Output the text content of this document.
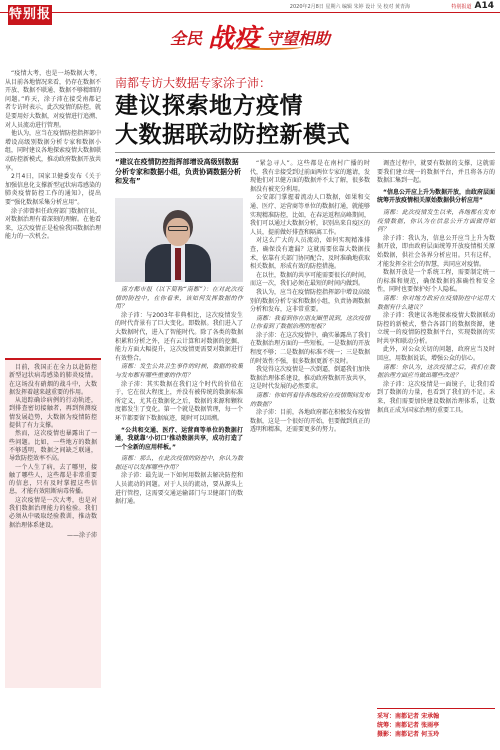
2020年2月8日 星期六 编辑 朱婷 设计 吴 校对 黄青海	特别报道 A14
特别报道	全民 战疫 守望相助

“疫情大考，也是一场数据大考，从目前各地情况来看，仍存在数据不开放、数据不联通、数据不够精细的问题。”昨天，涂子沛在接受南都记者专访时表示，此次疫情的防控，就是要用好大数据，对疫情进行追溯、对人员流动进行管理。

他认为，应当在疫情防控指挥部中增设高级别数据分析专家和数据小组，同时建议各地探索疫情大数据联动防控新模式，推动政府数据开放共享。

2月4日，国家卫健委发布《关于加强信息化支撑新型冠状病毒感染的肺炎疫情防控工作的通知》，提出要“强化数据采集分析应用”。

涂子沛曾担任政府部门数据官员，对数据治理有着深刻的理解。在他看来，这次疫情正是检验我国数据治理能力的一次机会。

目前，我国正在全力以赴防控新型冠状病毒感染的肺炎疫情。在这场没有硝烟的战斗中，大数据发挥着越来越重要的作用。

从追踪确诊病例的行动轨迹，到排查密切接触者，再到预测疫情发展趋势，大数据为疫情防控提供了有力支撑。

然而，这次疫情也暴露出了一些问题。比如，一些地方的数据不够透明，数据之间缺乏联通，导致防控效率不高。

一个人生了病，去了哪里，接触了哪些人，这些都是非常重要的信息，只有及时掌握这些信息，才能有效阻断病毒传播。

这次疫情是一次大考，也是对我们数据治理能力的检验。我们必须从中吸取经验教训，推动数据治理体系建设。

——涂子沛

南都专访大数据专家涂子沛：
建议探索地方疫情
大数据联动防控新模式
“建议在疫情防控指挥部增设高级别数据分析专家和数据小组，负责协调数据分析和发布”

南方都市报（以下简称“南都”）：在对此次疫情的防控中，在你看来，该如何发挥数据的作用？

涂子沛：与2003年非典相比，这次疫情发生的时代背景有了巨大变化。即数据。我们进入了大数据时代，进入了智能时代。除了各类的数据积累和分析之外，还有云计算和对数据的挖掘、能力方面大幅提升，这次疫情更需要对数据进行有效整合。

南都：发生公共卫生事件的时候，数据的收集与发布都有哪些重要的作用？

涂子沛：其实数据在我们这个时代的价值在于，它在很大程度上，并没有被传统的数据标准所定义，尤其在数据化之后，数据的来源和颗粒度都发生了变化。第一个就是数据管理，每一个环节都要留下数据痕迹，随时可以回溯。

“公共和交通、医疗、运营商等单位的数据打通，我就靠‘小切口’推动数据共享，成功打造了一个全新的应用样板。”

南都：那么，在此次疫情的防控中，你认为数据还可以发挥哪些作用？

涂子沛：最先说一下如何用数据去解决防控和人员流动的问题。对于人员的流动，要从源头上进行管控，这需要交通运输部门与卫健部门的数据打通。

“紧急寻人”。这些都是在南村广播的时代，我有幸接受到过前面两位专家的邀请，发现他们对卫健方面的数据并不太了解，很多数据没有被充分利用。

公安部门掌握着流动人口数据，如果和交通、医疗、运营商等单位的数据打通，就能够实现精准防控，比如，在春运返程高峰期间，我们可以通过大数据分析，识别出来自疫区的人员，提前做好排查和隔离工作。

对这么广大的人员流动，如何实现精准排查，确保没有遗漏？这就需要依靠大数据技术，依靠有关部门协同配合，及时准确地获取相关数据，形成有效的防控措施。

在以往，数据的共享可能需要很长的时间，而这一次，我们必须在最短的时间内做到。

我认为，应当在疫情防控指挥部中增设高级别的数据分析专家和数据小组，负责协调数据分析和发布，这非常重要。

南都：我看到你在朋友圈里说到，这次疫情让你看到了数据治理的短板？

涂子沛：在这次疫情中，确实暴露出了我们在数据治理方面的一些短板。一是数据的开放程度不够；二是数据的标准不统一；三是数据的时效性不强，很多数据更新不及时。

我觉得这次疫情是一次倒逼，倒逼我们加快数据治理体系建设，推动政府数据开放共享，这是时代发展的必然要求。

南都：你如何看待各地政府在疫情期间发布的数据？

涂子沛：目前，各地政府都在积极发布疫情数据，这是一个很好的开始，但要做到真正的透明和精准，还需要更多的努力。

调查过程中，就要有数据的支撑，这就需要我们建立统一的数据平台，并且将各方的数据汇集到一起。

“信息公开应上升为数据开放，由政府层面统筹开放疫情相关原始数据供分析应用”

南都：此次疫情发生以来，各地都在发布疫情数据，你认为在信息公开方面做得如何？

涂子沛：我认为，信息公开应当上升为数据开放，即由政府层面统筹开放疫情相关原始数据，供社会各界分析应用。只有这样，才能发挥全社会的智慧，共同应对疫情。

数据开放是一个系统工程，需要制定统一的标准和规范，确保数据的准确性和安全性，同时也要保护好个人隐私。

南都：你对地方政府在疫情防控中运用大数据有什么建议？

涂子沛：我建议各地探索疫情大数据联动防控的新模式，整合各部门的数据资源，建立统一的疫情防控数据平台，实现数据的实时共享和联动分析。

此外，对公众关切的问题，政府应当及时回应，用数据说话，增强公众的信心。

南都：你认为，这次疫情之后，我们在数据治理方面应当做出哪些改进？

涂子沛：这次疫情是一面镜子，让我们看到了数据的力量，也看到了我们的不足。未来，我们需要加快建设数据治理体系，让数据真正成为国家治理的重要工具。

采写：南都记者 宋承翰
统筹：南都记者 张雨亭
摄影：南都记者 何玉玲
